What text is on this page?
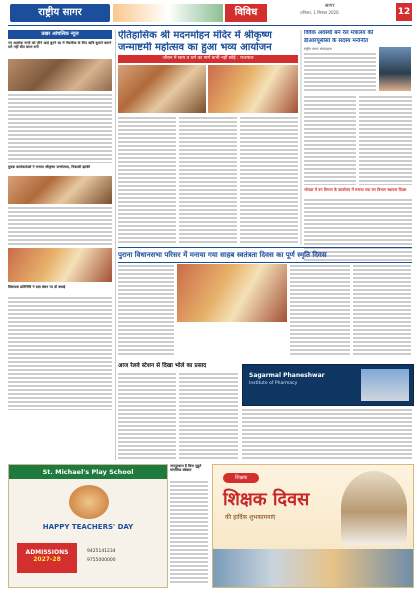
राष्ट्रीय सागर	विविध
सागर
शनिवार, 1 सितंबर 2026	12
प्रखर आंचलिक न्यूज
नए आलोक नाथी को जीने आई बुनने का में मेंबजीक के लिए ऋषि बुलाने बताने दत्ते नहीं बीत बात्ता बनी
युवक कार्यकर्ताओं ने मनाया श्रीकृष्ण जन्मोत्सव, निकाली झांकी
विधायक प्रतिनिधि ने रक्षा बंधन पर दी बधाई
ऐतिहासिक श्री मदनमोहन मंदिर में श्रीकृष्ण
जन्माष्टमी महोत्सव का हुआ भव्य आयोजन
जीवन में सत्य व धर्म का मार्ग कभी नहीं छोड़ें : राजपाल
विवेक अवस्थी बने रेल मंत्रालय की
डीआरयूसीसी के सदस्य मनोनीत
राष्ट्रीय सागर संवाददाता
भोपाल में वन विभाग के कार्यालय में मनाया गया वन विभाग स्थापना दिवस
पुराना विधानसभा परिसर में मनाया गया साहब स्वतंत्रता दिवस का पूर्ण स्मृति दिवस
आज रेलवे स्टेशन से दिखा भोले का प्रसाद
Sagarmal Phaneshwar
Institute of Pharmacy
St. Michael's Play School
HAPPY TEACHERS' DAY
ADMISSIONS
2027-28
9425141234
9755000000
जयपुरवाल हैं बिना मुहूर्त मांगलिक संस्कार
शिक्षक
शिक्षक दिवस
की हार्दिक शुभकामनाएं
